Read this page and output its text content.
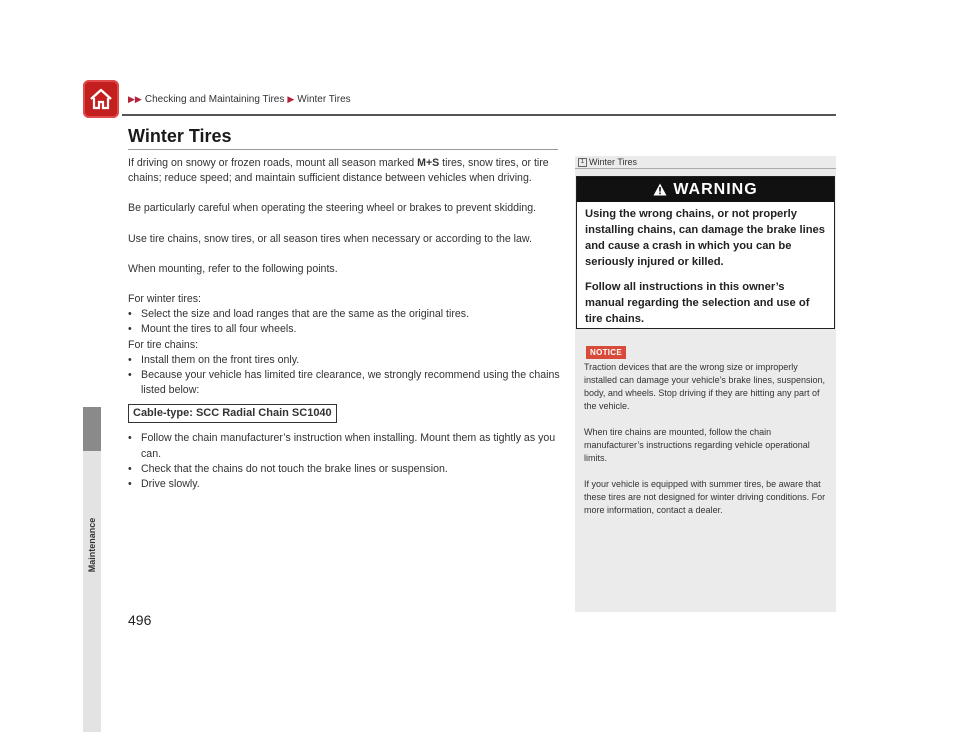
▶▶ Checking and Maintaining Tires ▶ Winter Tires
Maintenance
Winter Tires

If driving on snowy or frozen roads, mount all season marked M+S tires, snow tires, or tire chains; reduce speed; and maintain sufficient distance between vehicles when driving.

Be particularly careful when operating the steering wheel or brakes to prevent skidding.

Use tire chains, snow tires, or all season tires when necessary or according to the law.

When mounting, refer to the following points.

For winter tires:
• Select the size and load ranges that are the same as the original tires.
• Mount the tires to all four wheels.
For tire chains:
• Install them on the front tires only.
• Because your vehicle has limited tire clearance, we strongly recommend using the chains listed below:
Cable-type: SCC Radial Chain SC1040
• Follow the chain manufacturer’s instruction when installing. Mount them as tightly as you can.
• Check that the chains do not touch the brake lines or suspension.
• Drive slowly.
496
1 Winter Tires
WARNING

Using the wrong chains, or not properly installing chains, can damage the brake lines and cause a crash in which you can be seriously injured or killed.

Follow all instructions in this owner’s manual regarding the selection and use of tire chains.

NOTICE

Traction devices that are the wrong size or improperly installed can damage your vehicle’s brake lines, suspension, body, and wheels. Stop driving if they are hitting any part of the vehicle.

When tire chains are mounted, follow the chain manufacturer’s instructions regarding vehicle operational limits.

If your vehicle is equipped with summer tires, be aware that these tires are not designed for winter driving conditions. For more information, contact a dealer.
